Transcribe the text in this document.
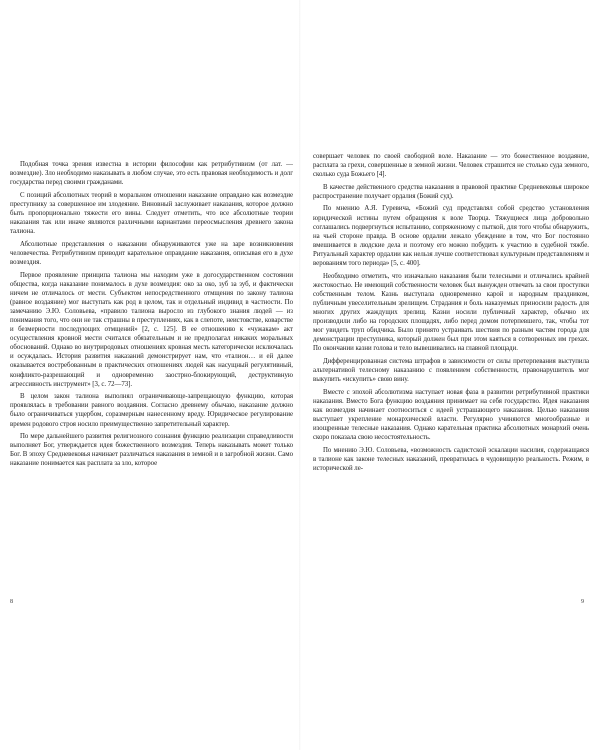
Подобная точка зрения известна в истории философии как ретрибутивизм (от лат. — возмездие). Зло необходимо наказывать в любом случае, это есть правовая необходимость и долг государства перед своими гражданами.

С позиций абсолютных теорий в моральном отношении наказание оправдано как возмездие преступнику за совершенное им злодеяние. Виновный заслуживает наказания, которое должно быть пропорционально тяжести его вины. Следует отметить, что все абсолютные теории наказания так или иначе являются различными вариантами переосмысления древнего закона талиона.

Абсолютные представления о наказании обнаруживаются уже на заре возникновения человечества. Ретрибутивизм приводит карательное оправдание наказания, описывая его в духе возмездия.

Первое проявление принципа талиона мы находим уже в догосударственном состоянии общества, когда наказание понималось в духе возмездия: око за око, зуб за зуб, и фактически ничем не отличалось от мести. Субъектом непосредственного отмщения по закону талиона (равное воздаяние) мог выступать как род в целом, так и отдельный индивид в частности. По замечанию Э.Ю. Соловьева, «правило талиона выросло из глубокого знания людей — из понимания того, что они не так страшны в преступлениях, как в слепоте, неистовстве, коварстве и безмерности последующих отмщений» [2, с. 125]. В ее отношению к «чужакам» акт осуществления кровной мести считался обязательным и не предполагал никаких моральных обоснований. Однако во внутриродовых отношениях кровная месть категорически исключалась и осуждалась. История развития наказаний демонстрирует нам, что «талион… и ей далее оказывается востребованным в практических отношениях людей как насущный регулятивный, конфликто-разрешающий и одновременно заострно-блокирующий, деструктивную агрессивность инструмент» [3, с. 72—73].

В целом закон талиона выполнял ограничивающе-запрещающую функцию, которая проявлялась в требовании равного воздаяния. Согласно древнему обычаю, наказание должно было ограничиваться ущербом, соразмерным нанесенному вреду. Юридическое регулирование времен родового строя носило преимущественно запретительный характер.

По мере дальнейшего развития религиозного сознания функцию реализации справедливости выполняет Бог, утверждается идея божественного возмездия. Теперь наказывать может только Бог. В эпоху Средневековья начинает различаться наказания в земной и в загробной жизни. Само наказание понимается как расплата за зло, которое

совершает человек по своей свободной воле. Наказание — это божественное воздаяние, расплата за грехи, совершенные в земной жизни. Человек страшится не столько суда земного, сколько суда Божьего [4].

В качестве действенного средства наказания в правовой практике Средневековья широкое распространение получает ордалия (Божий суд).

По мнению А.Я. Гуревича, «Божий суд представлял собой средство установления юридической истины путем обращения к воле Творца. Тяжущиеся лица добровольно соглашались подвергнуться испытанию, сопряженному с пыткой, для того чтобы обнаружить, на чьей стороне правда. В основе ордалии лежало убеждение в том, что Бог постоянно вмешивается в людские дела и поэтому его можно побудить к участию в судебной тяжбе. Ритуальный характер ордалии как нельзя лучше соответствовал культурным представлениям и верованиям того периода» [5, с. 400].

Необходимо отметить, что изначально наказания были телесными и отличались крайней жестокостью. Не имеющий собственности человек был вынужден отвечать за свои проступки собственным телом. Казнь выступала одновременно карой и народным праздником, публичным увеселительным зрелищем. Страдания и боль наказуемых приносили радость для многих других жаждущих зрелищ. Казни носили публичный характер, обычно их производили либо на городских площадях, либо перед домом потерпевшего, так, чтобы тот мог увидеть труп обидчика. Было принято устраивать шествия по разным частям города для демонстрации преступника, который должен был при этом каяться в сотворенных им грехах. По окончании казни голова и тело вывешивались на главной площади.

Дифференцированная система штрафов в зависимости от силы претерпевания выступила альтернативой телесному наказанию с появлением собственности, правонарушитель мог выкупить «искупить» свою вину.

Вместе с эпохой абсолютизма наступает новая фаза в развитии ретрибутивной практики наказания. Вместо Бога функцию воздаяния принимает на себя государство. Идея наказания как возмездия начинает соотноситься с идеей устрашающего наказания. Целью наказания выступает укрепление монархической власти. Регулярно учиняются многообразные и изощренные телесные наказания. Однако карательная практика абсолютных монархий очень скоро показала свою несостоятельность.

По мнению Э.Ю. Соловьева, «возможность садистской эскалации насилия, содержащаяся в талионе как законе телесных наказаний, превратилась в чудовищную реальность. Режим, в исторической ле-

8	9
